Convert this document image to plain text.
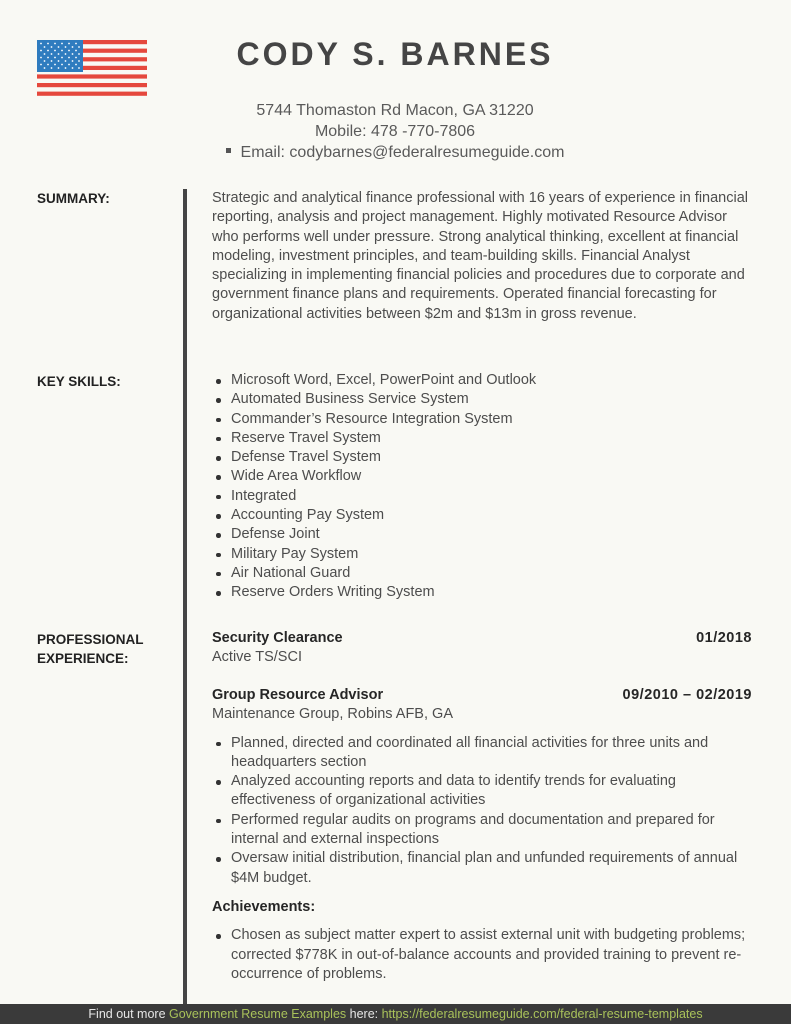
CODY S. BARNES
5744 Thomaston Rd Macon, GA 31220
Mobile: 478 -770-7806
Email: codybarnes@federalresumeguide.com
SUMMARY:	Strategic and analytical finance professional with 16 years of experience in financial reporting, analysis and project management. Highly motivated Resource Advisor who performs well under pressure. Strong analytical thinking, excellent at financial modeling, investment principles, and team-building skills. Financial Analyst specializing in implementing financial policies and procedures due to corporate and government finance plans and requirements. Operated financial forecasting for organizational activities between $2m and $13m in gross revenue.

KEY SKILLS:	Microsoft Word, Excel, PowerPoint and Outlook
Automated Business Service System
Commander’s Resource Integration System
Reserve Travel System
Defense Travel System
Wide Area Workflow
Integrated
Accounting Pay System
Defense Joint
Military Pay System
Air National Guard
Reserve Orders Writing System
PROFESSIONAL
EXPERIENCE:
Security Clearance	01/2018
Active TS/SCI
Group Resource Advisor	09/2010 – 02/2019
Maintenance Group, Robins AFB, GA
Planned, directed and coordinated all financial activities for three units and headquarters section
Analyzed accounting reports and data to identify trends for evaluating effectiveness of organizational activities
Performed regular audits on programs and documentation and prepared for internal and external inspections
Oversaw initial distribution, financial plan and unfunded requirements of annual $4M budget.
Achievements:
Chosen as subject matter expert to assist external unit with budgeting problems; corrected $778K in out-of-balance accounts and provided training to prevent re-occurrence of problems.
Find out more Government Resume Examples here: https://federalresumeguide.com/federal-resume-templates
